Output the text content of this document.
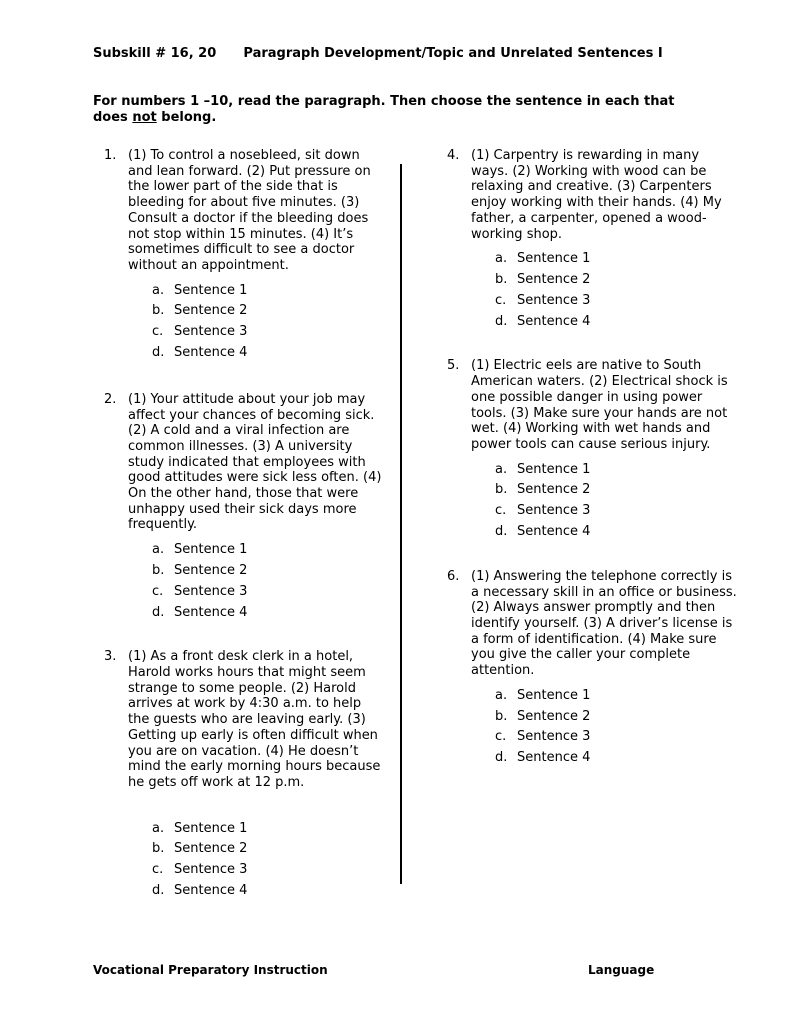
Subskill # 16, 20 Paragraph Development/Topic and Unrelated Sentences I
For numbers 1 –10, read the paragraph. Then choose the sentence in each that does not belong.
1. (1) To control a nosebleed, sit down and lean forward. (2) Put pressure on the lower part of the side that is bleeding for about five minutes. (3) Consult a doctor if the bleeding does not stop within 15 minutes. (4) It’s sometimes difficult to see a doctor without an appointment.
a. Sentence 1
b. Sentence 2
c. Sentence 3
d. Sentence 4
2. (1) Your attitude about your job may affect your chances of becoming sick. (2) A cold and a viral infection are common illnesses. (3) A university study indicated that employees with good attitudes were sick less often. (4) On the other hand, those that were unhappy used their sick days more frequently.
a. Sentence 1
b. Sentence 2
c. Sentence 3
d. Sentence 4
3. (1) As a front desk clerk in a hotel, Harold works hours that might seem strange to some people. (2) Harold arrives at work by 4:30 a.m. to help the guests who are leaving early. (3) Getting up early is often difficult when you are on vacation. (4) He doesn’t mind the early morning hours because he gets off work at 12 p.m.
a. Sentence 1
b. Sentence 2
c. Sentence 3
d. Sentence 4
4. (1) Carpentry is rewarding in many ways. (2) Working with wood can be relaxing and creative. (3) Carpenters enjoy working with their hands. (4) My father, a carpenter, opened a wood-working shop.
a. Sentence 1
b. Sentence 2
c. Sentence 3
d. Sentence 4
5. (1) Electric eels are native to South American waters. (2) Electrical shock is one possible danger in using power tools. (3) Make sure your hands are not wet. (4) Working with wet hands and power tools can cause serious injury.
a. Sentence 1
b. Sentence 2
c. Sentence 3
d. Sentence 4
6. (1) Answering the telephone correctly is a necessary skill in an office or business. (2) Always answer promptly and then identify yourself. (3) A driver’s license is a form of identification. (4) Make sure you give the caller your complete attention.
a. Sentence 1
b. Sentence 2
c. Sentence 3
d. Sentence 4
Vocational Preparatory Instruction	Language
